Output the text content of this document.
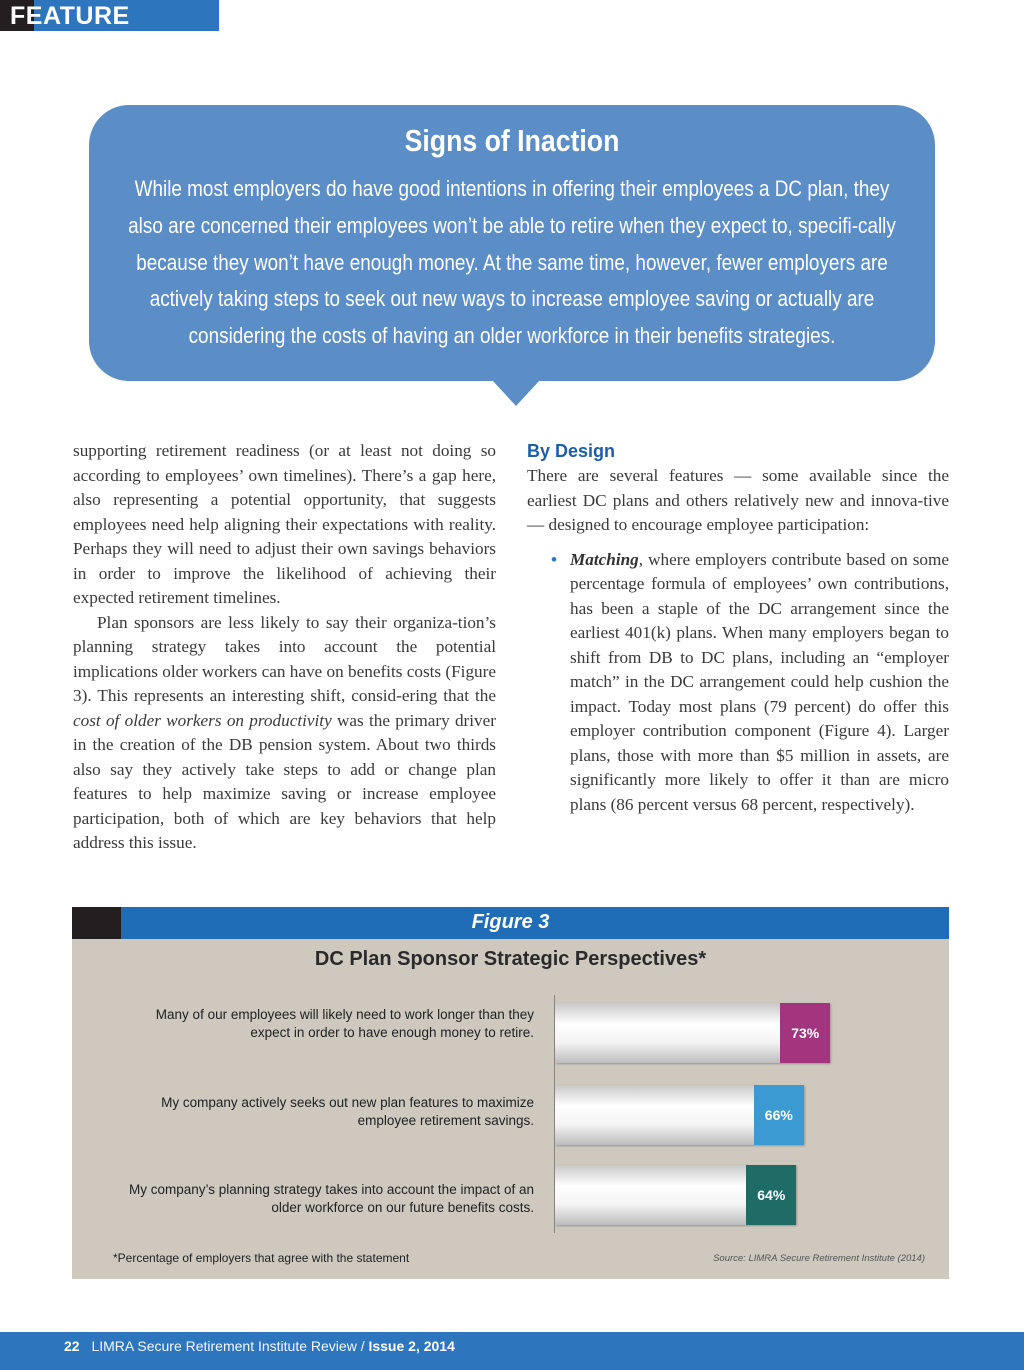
FEATURE
Signs of Inaction

While most employers do have good intentions in offering their employees a DC plan, they also are concerned their employees won’t be able to retire when they expect to, specifi-cally because they won’t have enough money. At the same time, however, fewer employers are actively taking steps to seek out new ways to increase employee saving or actually are considering the costs of having an older workforce in their benefits strategies.

supporting retirement readiness (or at least not doing so according to employees’ own timelines). There’s a gap here, also representing a potential opportunity, that suggests employees need help aligning their expectations with reality. Perhaps they will need to adjust their own savings behaviors in order to improve the likelihood of achieving their expected retirement timelines.

Plan sponsors are less likely to say their organiza-tion’s planning strategy takes into account the potential implications older workers can have on benefits costs (Figure 3). This represents an interesting shift, consid-ering that the cost of older workers on productivity was the primary driver in the creation of the DB pension system. About two thirds also say they actively take steps to add or change plan features to help maximize saving or increase employee participation, both of which are key behaviors that help address this issue.

By Design

There are several features — some available since the earliest DC plans and others relatively new and innova-tive — designed to encourage employee participation:

• Matching, where employers contribute based on some percentage formula of employees’ own contributions, has been a staple of the DC arrangement since the earliest 401(k) plans. When many employers began to shift from DB to DC plans, including an “employer match” in the DC arrangement could help cushion the impact. Today most plans (79 percent) do offer this employer contribution component (Figure 4). Larger plans, those with more than $5 million in assets, are significantly more likely to offer it than are micro plans (86 percent versus 68 percent, respectively).
Figure 3
DC Plan Sponsor Strategic Perspectives*
Many of our employees will likely need to work longer than they expect in order to have enough money to retire.
My company actively seeks out new plan features to maximize employee retirement savings.
My company’s planning strategy takes into account the impact of an older workforce on our future benefits costs.
73%
66%
64%
*Percentage of employers that agree with the statement	Source: LIMRA Secure Retirement Institute (2014)
22 LIMRA Secure Retirement Institute Review / Issue 2, 2014
